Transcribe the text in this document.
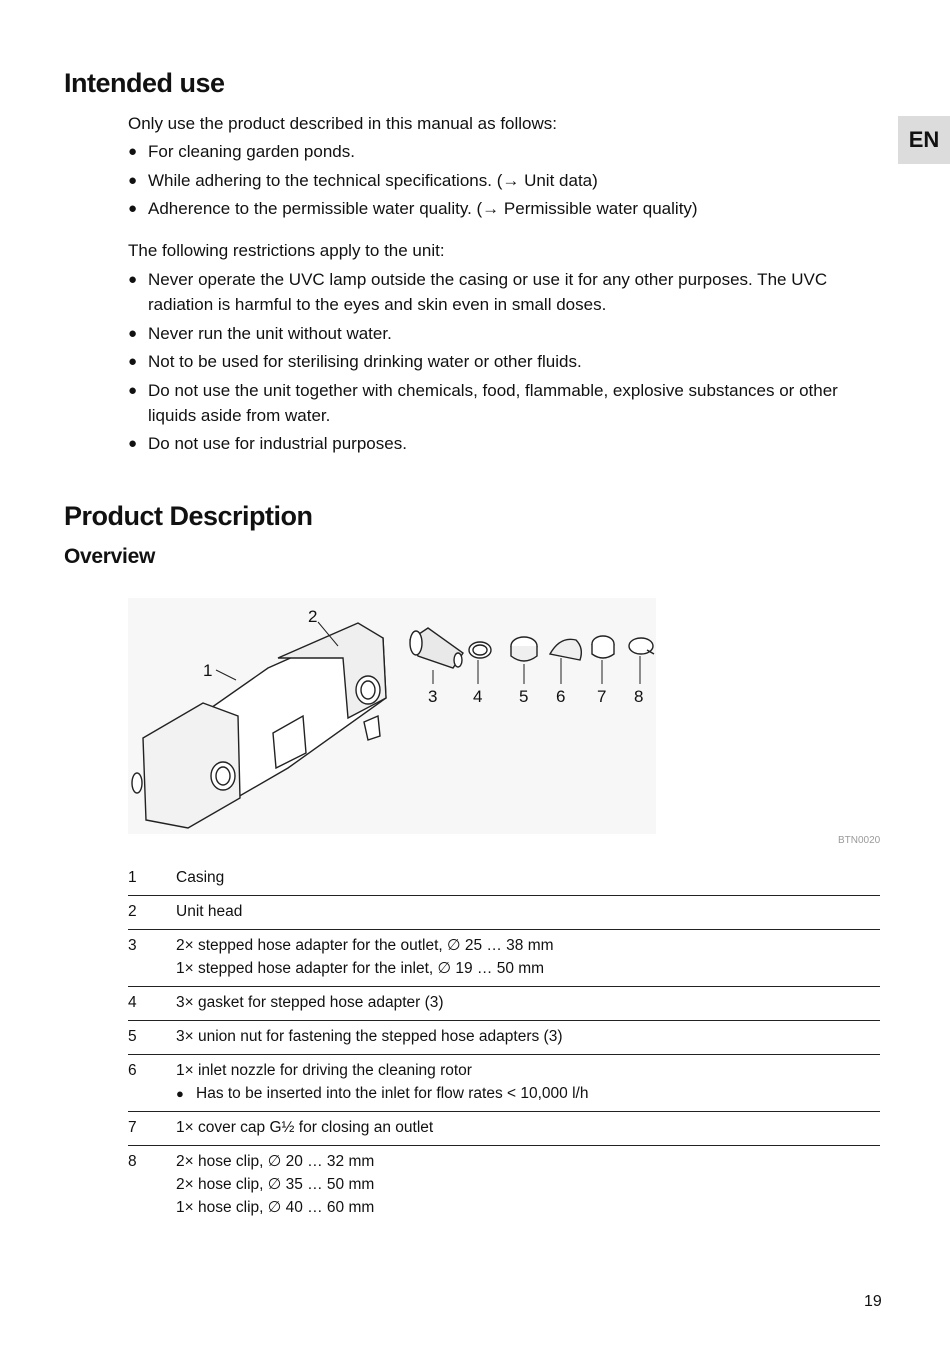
EN
Intended use

Only use the product described in this manual as follows:

● For cleaning garden ponds.
● While adhering to the technical specifications. (→ Unit data)
● Adherence to the permissible water quality. (→ Permissible water quality)

The following restrictions apply to the unit:

● Never operate the UVC lamp outside the casing or use it for any other purposes. The UVC radiation is harmful to the eyes and skin even in small doses.
● Never run the unit without water.
● Not to be used for sterilising drinking water or other fluids.
● Do not use the unit together with chemicals, food, flammable, explosive substances or other liquids aside from water.
● Do not use for industrial purposes.
Product Description
Overview
2
1
3 4 5 6 7 8
BTN0020
1	Casing

2	Unit head

3	2× stepped hose adapter for the outlet, ∅ 25 … 38 mm
1× stepped hose adapter for the inlet, ∅ 19 … 50 mm

4	3× gasket for stepped hose adapter (3)

5	3× union nut for fastening the stepped hose adapters (3)

6	1× inlet nozzle for driving the cleaning rotor
● Has to be inserted into the inlet for flow rates < 10,000 l/h

7	1× cover cap G½ for closing an outlet

8	2× hose clip, ∅ 20 … 32 mm
2× hose clip, ∅ 35 … 50 mm
1× hose clip, ∅ 40 … 60 mm
19
